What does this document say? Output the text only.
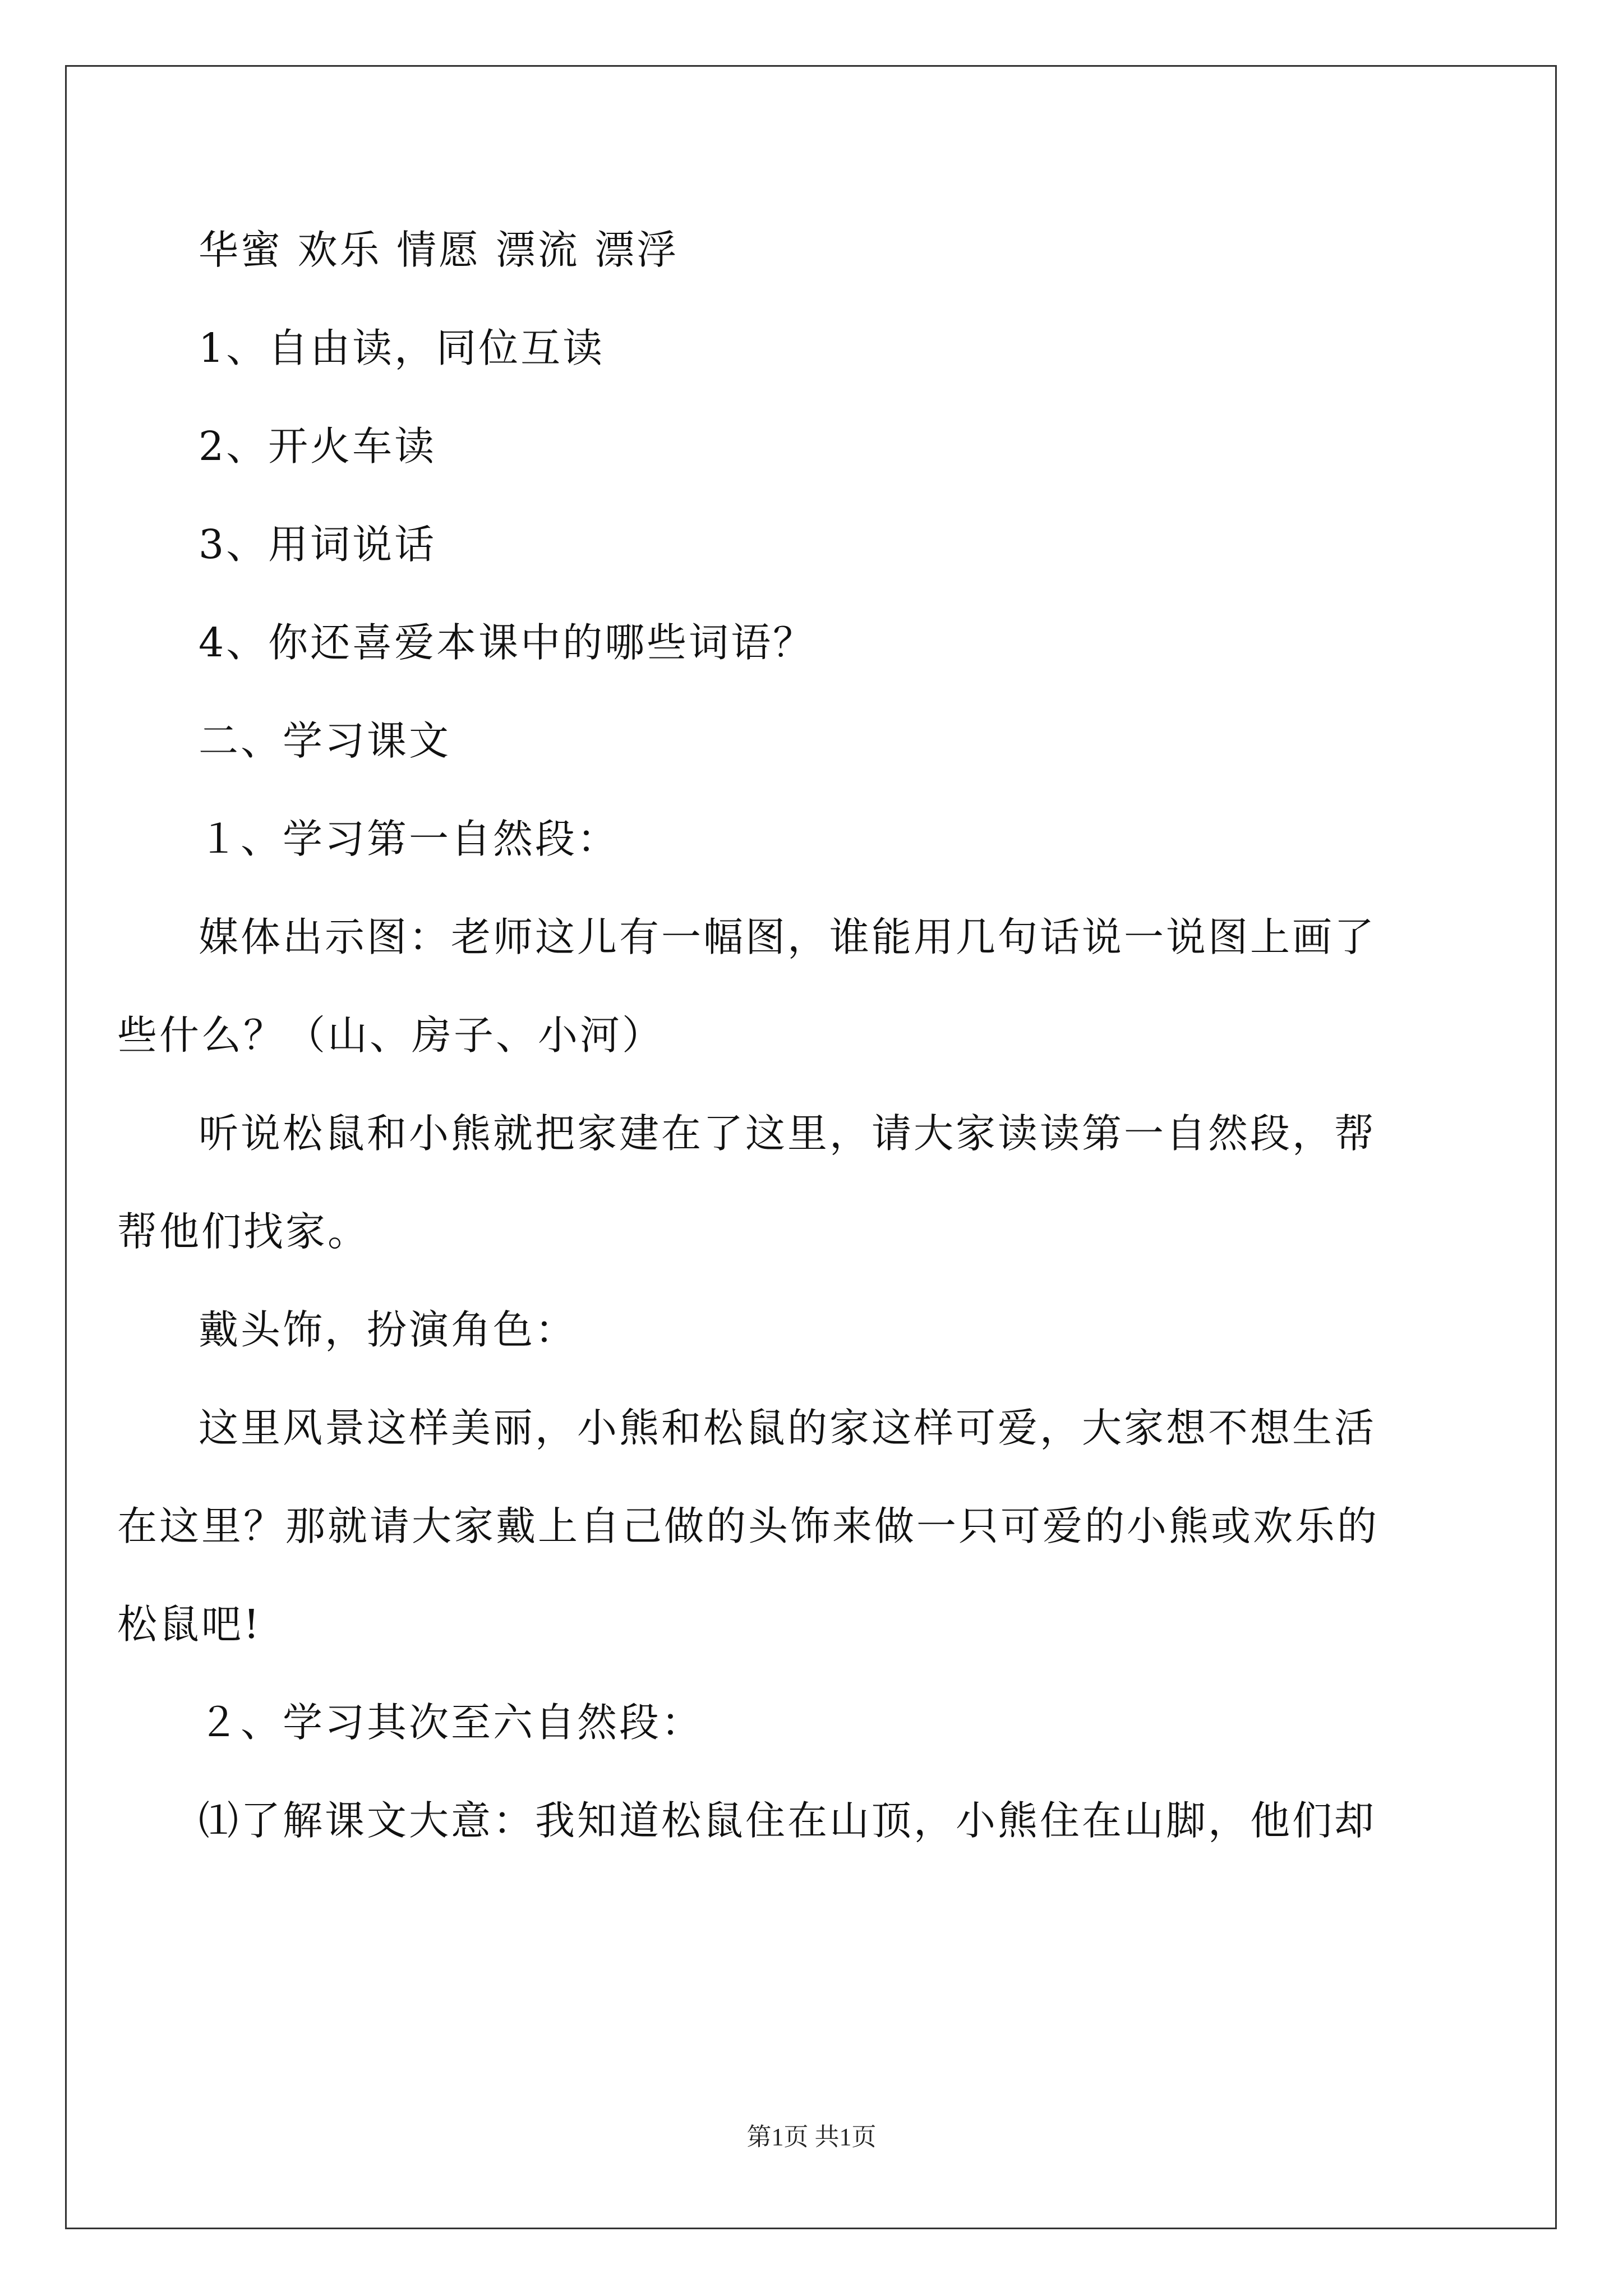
华蜜 欢乐 情愿 漂流 漂浮
1、自由读，同位互读
2、开火车读
3、用词说话
4、你还喜爱本课中的哪些词语？
二、学习课文
１、学习第一自然段：
媒体出示图：老师这儿有一幅图，谁能用几句话说一说图上画了
些什么？（山、房子、小河）
听说松鼠和小熊就把家建在了这里，请大家读读第一自然段，帮
帮他们找家。
戴头饰，扮演角色：
这里风景这样美丽，小熊和松鼠的家这样可爱，大家想不想生活
在这里？那就请大家戴上自己做的头饰来做一只可爱的小熊或欢乐的
松鼠吧!
２、学习其次至六自然段：
⑴了解课文大意：我知道松鼠住在山顶，小熊住在山脚，他们却
第1页 共1页
